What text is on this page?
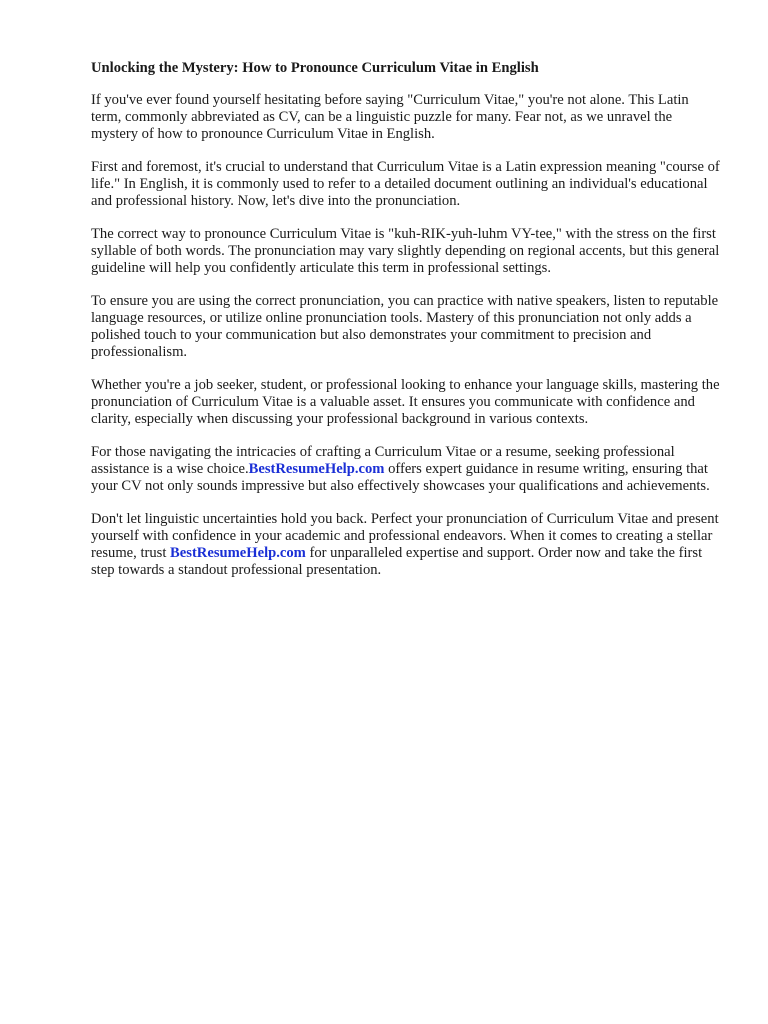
Unlocking the Mystery: How to Pronounce Curriculum Vitae in English

If you've ever found yourself hesitating before saying "Curriculum Vitae," you're not alone. This Latin term, commonly abbreviated as CV, can be a linguistic puzzle for many. Fear not, as we unravel the mystery of how to pronounce Curriculum Vitae in English.

First and foremost, it's crucial to understand that Curriculum Vitae is a Latin expression meaning "course of life." In English, it is commonly used to refer to a detailed document outlining an individual's educational and professional history. Now, let's dive into the pronunciation.

The correct way to pronounce Curriculum Vitae is "kuh-RIK-yuh-luhm VY-tee," with the stress on the first syllable of both words. The pronunciation may vary slightly depending on regional accents, but this general guideline will help you confidently articulate this term in professional settings.

To ensure you are using the correct pronunciation, you can practice with native speakers, listen to reputable language resources, or utilize online pronunciation tools. Mastery of this pronunciation not only adds a polished touch to your communication but also demonstrates your commitment to precision and professionalism.

Whether you're a job seeker, student, or professional looking to enhance your language skills, mastering the pronunciation of Curriculum Vitae is a valuable asset. It ensures you communicate with confidence and clarity, especially when discussing your professional background in various contexts.

For those navigating the intricacies of crafting a Curriculum Vitae or a resume, seeking professional assistance is a wise choice.BestResumeHelp.com offers expert guidance in resume writing, ensuring that your CV not only sounds impressive but also effectively showcases your qualifications and achievements.

Don't let linguistic uncertainties hold you back. Perfect your pronunciation of Curriculum Vitae and present yourself with confidence in your academic and professional endeavors. When it comes to creating a stellar resume, trust BestResumeHelp.com for unparalleled expertise and support. Order now and take the first step towards a standout professional presentation.
